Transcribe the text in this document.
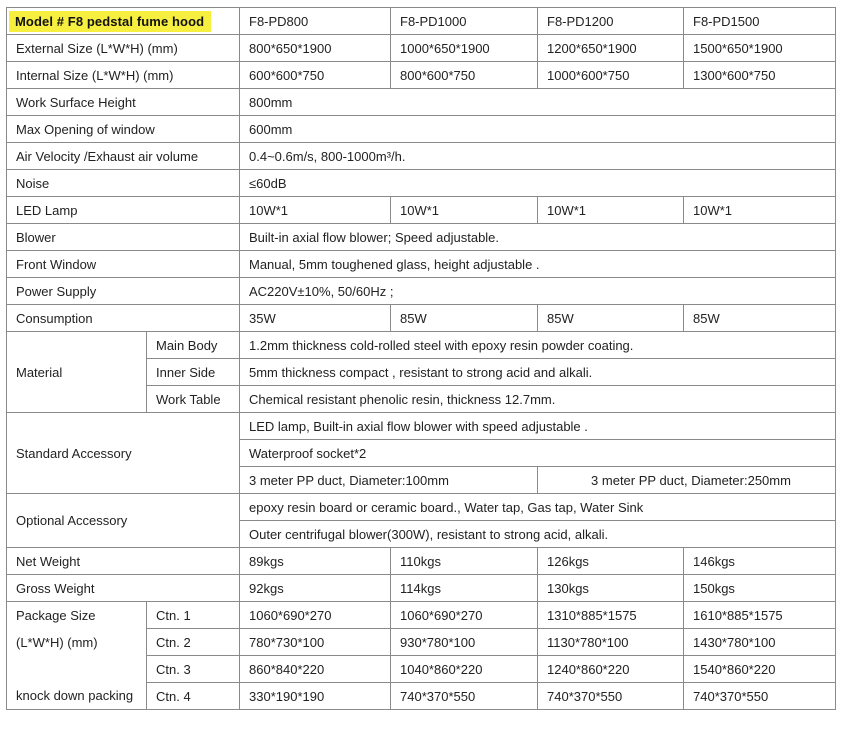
Model # F8 pedstal fume hood		F8-PD800	F8-PD1000	F8-PD1200	F8-PD1500
External Size (L*W*H) (mm)		800*650*1900	1000*650*1900	1200*650*1900	1500*650*1900
Internal Size (L*W*H) (mm)		600*600*750	800*600*750	1000*600*750	1300*600*750
Work Surface Height		800mm			
Max Opening of window		600mm			
Air Velocity /Exhaust air volume		0.4~0.6m/s, 800-1000m³/h.			
Noise		≤60dB			
LED Lamp		10W*1	10W*1	10W*1	10W*1
Blower		Built-in axial flow blower; Speed adjustable.			
Front Window		Manual, 5mm toughened glass, height adjustable .			
Power Supply		AC220V±10%, 50/60Hz ;			
Consumption		35W	85W	85W	85W
Material	Main Body	1.2mm thickness cold-rolled steel with epoxy resin powder coating.			
	Inner Side	5mm thickness compact , resistant to strong acid and alkali.			
	Work Table	Chemical resistant phenolic resin, thickness 12.7mm.			
Standard Accessory		LED lamp, Built-in axial flow blower with speed adjustable .			
		Waterproof socket*2			
		3 meter PP duct, Diameter:100mm		3 meter PP duct, Diameter:250mm	
Optional Accessory		epoxy resin board or ceramic board., Water tap, Gas tap, Water Sink			
		Outer centrifugal blower(300W), resistant to strong acid, alkali.			
Net Weight		89kgs	110kgs	126kgs	146kgs
Gross Weight		92kgs	114kgs	130kgs	150kgs
Package Size	Ctn. 1	1060*690*270	1060*690*270	1310*885*1575	1610*885*1575
(L*W*H) (mm)	Ctn. 2	780*730*100	930*780*100	1130*780*100	1430*780*100
	Ctn. 3	860*840*220	1040*860*220	1240*860*220	1540*860*220
knock down packing	Ctn. 4	330*190*190	740*370*550	740*370*550	740*370*550
